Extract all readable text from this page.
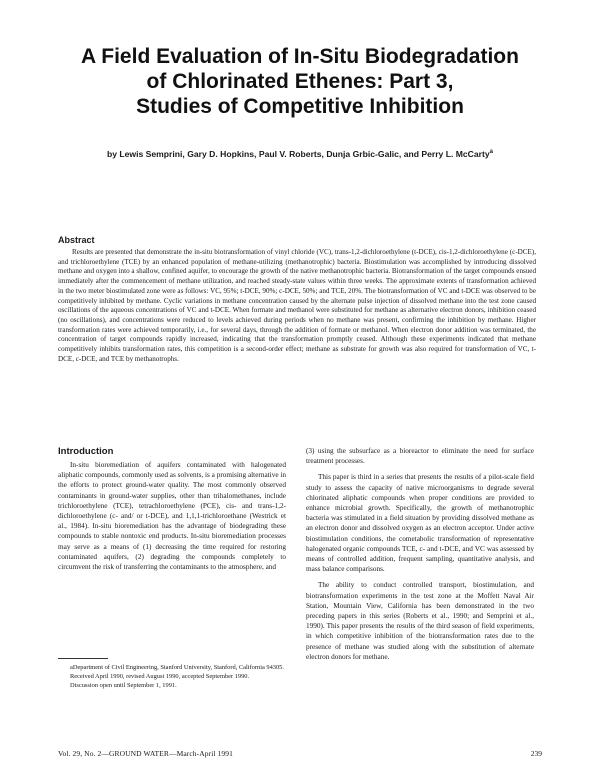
A Field Evaluation of In-Situ Biodegradation
of Chlorinated Ethenes: Part 3,
Studies of Competitive Inhibition
by Lewis Semprini, Gary D. Hopkins, Paul V. Roberts, Dunja Grbic-Galic, and Perry L. McCarty$^a$
Abstract

Results are presented that demonstrate the in-situ biotransformation of vinyl chloride (VC), trans-1,2-dichloroethylene (t-DCE), cis-1,2-dichloroethylene (c-DCE), and trichloroethylene (TCE) by an enhanced population of methane-utilizing (methanotrophic) bacteria. Biostimulation was accomplished by introducing dissolved methane and oxygen into a shallow, confined aquifer, to encourage the growth of the native methanotrophic bacteria. Biotransformation of the target compounds ensued immediately after the commencement of methane utilization, and reached steady-state values within three weeks. The approximate extents of transformation achieved in the two meter biostimulated zone were as follows: VC, 95%; t-DCE, 90%; c-DCE, 50%; and TCE, 20%. The biotransformation of VC and t-DCE was observed to be competitively inhibited by methane. Cyclic variations in methane concentration caused by the alternate pulse injection of dissolved methane into the test zone caused oscillations of the aqueous concentrations of VC and t-DCE. When formate and methanol were substituted for methane as alternative electron donors, inhibition ceased (no oscillations), and concentrations were reduced to levels achieved during periods when no methane was present, confirming the inhibition by methane. Higher transformation rates were achieved temporarily, i.e., for several days, through the addition of formate or methanol. When electron donor addition was terminated, the concentration of target compounds rapidly increased, indicating that the transformation promptly ceased. Although these experiments indicated that methane competitively inhibits transformation rates, this competition is a second-order effect; methane as substrate for growth was also required for transformation of VC, t-DCE, c-DCE, and TCE by methanotrophs.

Introduction

In-situ bioremediation of aquifers contaminated with halogenated aliphatic compounds, commonly used as solvents, is a promising alternative in the efforts to protect ground-water quality. The most commonly observed contaminants in ground-water supplies, other than trihalomethanes, include trichloroethylene (TCE), tetrachloroethylene (PCE), cis- and trans-1,2-dichloroethylene (c- and/ or t-DCE), and 1,1,1-trichloroethane (Westrick et al., 1984). In-situ bioremediation has the advantage of biodegrading these compounds to stable nontoxic end products. In-situ bioremediation processes may serve as a means of (1) decreasing the time required for restoring contaminated aquifers, (2) degrading the compounds completely to circumvent the risk of transferring the contaminants to the atmosphere, and

(3) using the subsurface as a bioreactor to eliminate the need for surface treatment processes.

This paper is third in a series that presents the results of a pilot-scale field study to assess the capacity of native microorganisms to degrade several chlorinated aliphatic compounds when proper conditions are provided to enhance microbial growth. Specifically, the growth of methanotrophic bacteria was stimulated in a field situation by providing dissolved methane as an electron donor and dissolved oxygen as an electron acceptor. Under active biostimulation conditions, the cometabolic transformation of representative halogenated organic compounds TCE, c- and t-DCE, and VC was assessed by means of controlled addition, frequent sampling, quantitative analysis, and mass balance comparisons.

The ability to conduct controlled transport, biostimulation, and biotransformation experiments in the test zone at the Moffett Naval Air Station, Mountain View, California has been demonstrated in the two preceding papers in this series (Roberts et al., 1990; and Semprini et al., 1990). This paper presents the results of the third season of field experiments, in which competitive inhibition of the biotransformation rates due to the presence of methane was studied along with the substitution of alternate electron donors for methane.

aDepartment of Civil Engineering, Stanford University, Stanford, California 94305.

Received April 1990, revised August 1990, accepted September 1990.

Discussion open until September 1, 1991.

Vol. 29, No. 2—GROUND WATER—March-April 1991	239
